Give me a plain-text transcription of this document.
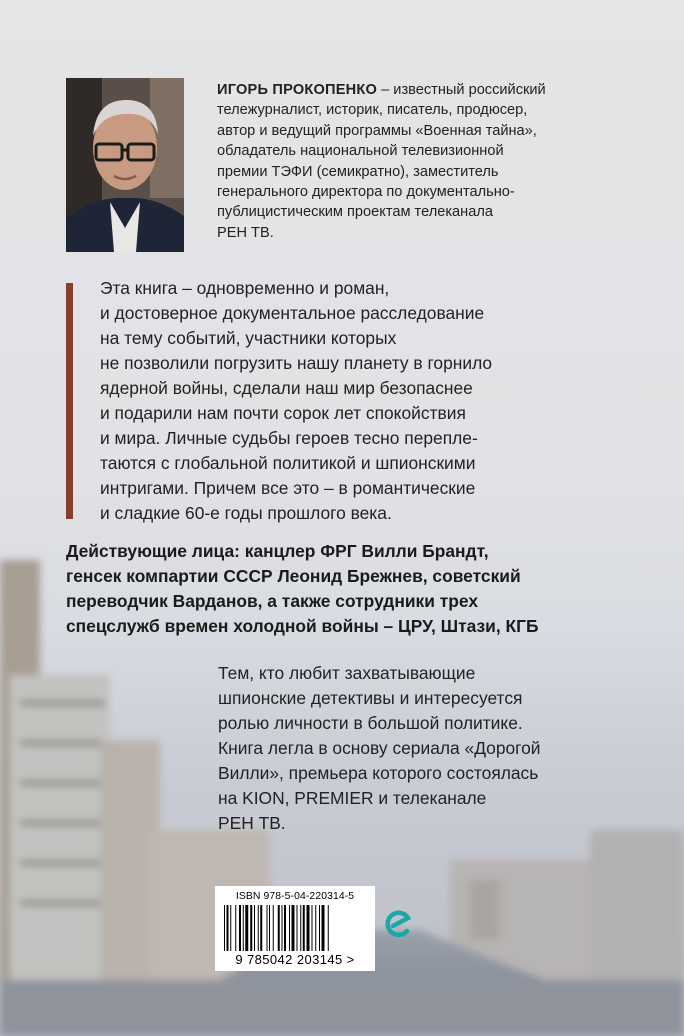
ИГОРЬ ПРОКОПЕНКО – известный российский
тележурналист, историк, писатель, продюсер,
автор и ведущий программы «Военная тайна»,
обладатель национальной телевизионной
премии ТЭФИ (семикратно), заместитель
генерального директора по документально-
публицистическим проектам телеканала
РЕН ТВ.

Эта книга – одновременно и роман,
и достоверное документальное расследование
на тему событий, участники которых
не позволили погрузить нашу планету в горнило
ядерной войны, сделали наш мир безопаснее
и подарили нам почти сорок лет спокойствия
и мира. Личные судьбы героев тесно перепле-
таются с глобальной политикой и шпионскими
интригами. Причем все это – в романтические
и сладкие 60-е годы прошлого века.

Действующие лица: канцлер ФРГ Вилли Брандт,
генсек компартии СССР Леонид Брежнев, советский
переводчик Варданов, а также сотрудники трех
спецслужб времен холодной войны – ЦРУ, Штази, КГБ

Тем, кто любит захватывающие
шпионские детективы и интересуется
ролью личности в большой политике.
Книга легла в основу сериала «Дорогой
Вилли», премьера которого состоялась
на KION, PREMIER и телеканале
РЕН ТВ.

ISBN 978-5-04-220314-5
9 785042 203145 >
